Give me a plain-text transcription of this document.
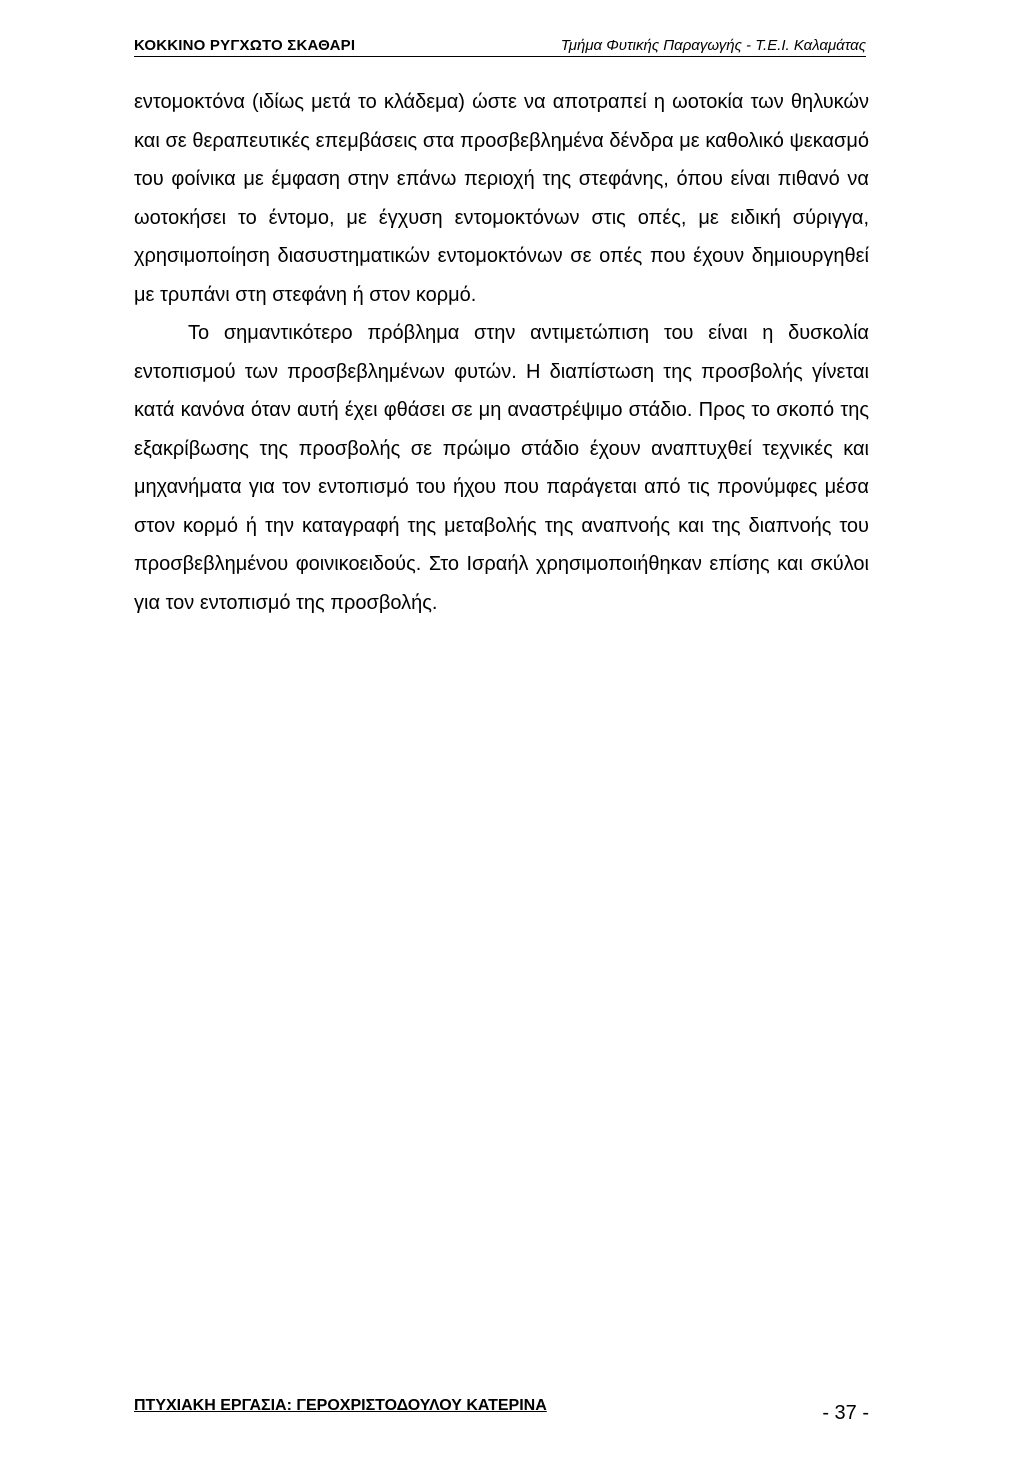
ΚΟΚΚΙΝΟ ΡΥΓΧΩΤΟ ΣΚΑΘΑΡΙ	Τμήμα Φυτικής Παραγωγής - Τ.Ε.Ι. Καλαμάτας

εντομοκτόνα (ιδίως μετά το κλάδεμα) ώστε να αποτραπεί η ωοτοκία των θηλυκών και σε θεραπευτικές επεμβάσεις στα προσβεβλημένα δένδρα με καθολικό ψεκασμό του φοίνικα με έμφαση στην επάνω περιοχή της στεφάνης, όπου είναι πιθανό να ωοτοκήσει το έντομο, με έγχυση εντομοκτόνων στις οπές, με ειδική σύριγγα, χρησιμοποίηση διασυστηματικών εντομοκτόνων σε οπές που έχουν δημιουργηθεί με τρυπάνι στη στεφάνη ή στον κορμό.

Το σημαντικότερο πρόβλημα στην αντιμετώπιση του είναι η δυσκολία εντοπισμού των προσβεβλημένων φυτών. Η διαπίστωση της προσβολής γίνεται κατά κανόνα όταν αυτή έχει φθάσει σε μη αναστρέψιμο στάδιο. Προς το σκοπό της εξακρίβωσης της προσβολής σε πρώιμο στάδιο έχουν αναπτυχθεί τεχνικές και μηχανήματα για τον εντοπισμό του ήχου που παράγεται από τις προνύμφες μέσα στον κορμό ή την καταγραφή της μεταβολής της αναπνοής και της διαπνοής του προσβεβλημένου φοινικοειδούς. Στο Ισραήλ χρησιμοποιήθηκαν επίσης και σκύλοι για τον εντοπισμό της προσβολής.

ΠΤΥΧΙΑΚΗ ΕΡΓΑΣΙΑ: ΓΕΡΟΧΡΙΣΤΟΔΟΥΛΟΥ ΚΑΤΕΡΙΝΑ	- 37 -
